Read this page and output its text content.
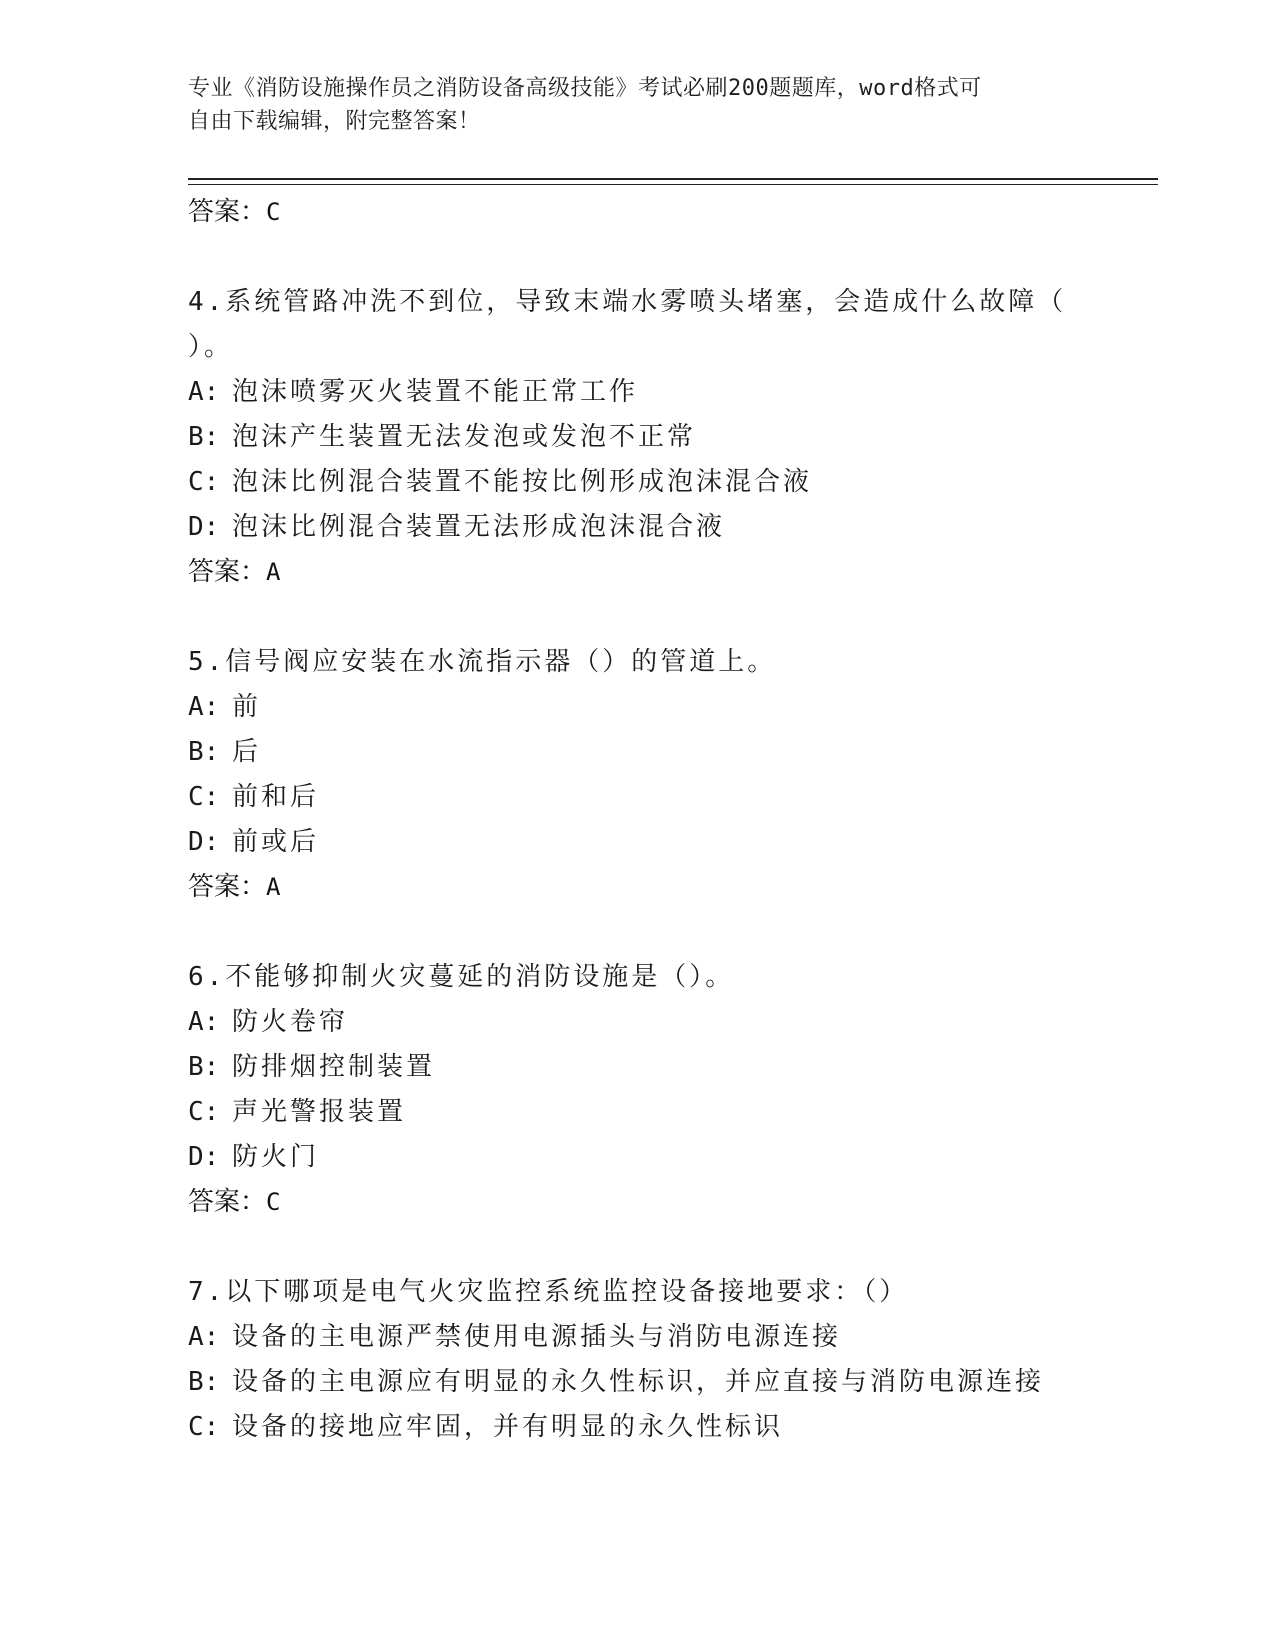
专业《消防设施操作员之消防设备高级技能》考试必刷200题题库，word格式可
自由下载编辑，附完整答案！
答案：C
4.系统管路冲洗不到位，导致末端水雾喷头堵塞，会造成什么故障（
）。
A: 泡沫喷雾灭火装置不能正常工作
B: 泡沫产生装置无法发泡或发泡不正常
C: 泡沫比例混合装置不能按比例形成泡沫混合液
D: 泡沫比例混合装置无法形成泡沫混合液
答案：A
5.信号阀应安装在水流指示器（）的管道上。
A: 前
B: 后
C: 前和后
D: 前或后
答案：A
6.不能够抑制火灾蔓延的消防设施是（）。
A: 防火卷帘
B: 防排烟控制装置
C: 声光警报装置
D: 防火门
答案：C
7.以下哪项是电气火灾监控系统监控设备接地要求：（）
A: 设备的主电源严禁使用电源插头与消防电源连接
B: 设备的主电源应有明显的永久性标识，并应直接与消防电源连接
C: 设备的接地应牢固，并有明显的永久性标识
